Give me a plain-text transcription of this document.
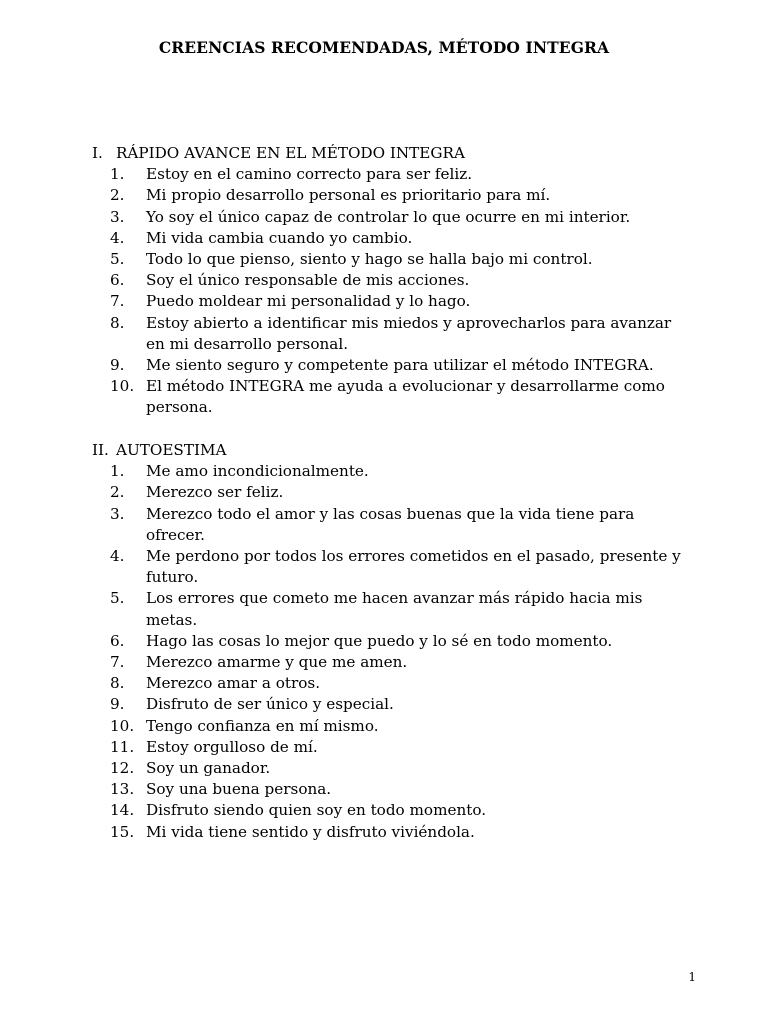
CREENCIAS RECOMENDADAS, MÉTODO INTEGRA
I. RÁPIDO AVANCE EN EL MÉTODO INTEGRA
1.	Estoy en el camino correcto para ser feliz.
2.	Mi propio desarrollo personal es prioritario para mí.
3.	Yo soy el único capaz de controlar lo que ocurre en mi interior.
4.	Mi vida cambia cuando yo cambio.
5.	Todo lo que pienso, siento y hago se halla bajo mi control.
6.	Soy el único responsable de mis acciones.
7.	Puedo moldear mi personalidad y lo hago.
8.	Estoy abierto a identificar mis miedos y aprovecharlos para avanzar en mi desarrollo personal.
9.	Me siento seguro y competente para utilizar el método INTEGRA.
10. El método INTEGRA me ayuda a evolucionar y desarrollarme como persona.
II. AUTOESTIMA
1.	Me amo incondicionalmente.
2.	Merezco ser feliz.
3.	Merezco todo el amor y las cosas buenas que la vida tiene para ofrecer.
4.	Me perdono por todos los errores cometidos en el pasado, presente y futuro.
5.	Los errores que cometo me hacen avanzar más rápido hacia mis metas.
6.	Hago las cosas lo mejor que puedo y lo sé en todo momento.
7.	Merezco amarme y que me amen.
8.	Merezco amar a otros.
9.	Disfruto de ser único y especial.
10. Tengo confianza en mí mismo.
11. Estoy orgulloso de mí.
12. Soy un ganador.
13. Soy una buena persona.
14. Disfruto siendo quien soy en todo momento.
15. Mi vida tiene sentido y disfruto viviéndola.
1
